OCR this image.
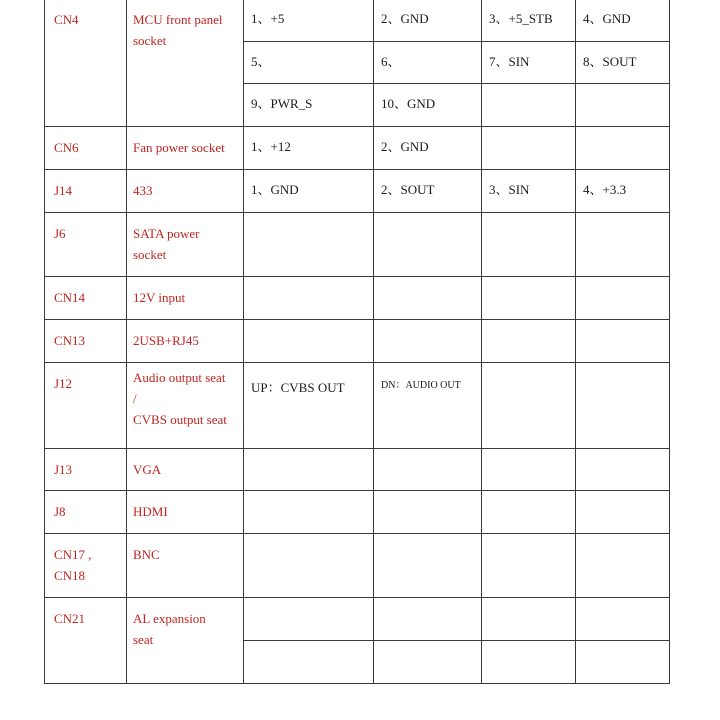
CN4	MCU front panel
socket	1、+5	2、GND	3、+5_STB	4、GND
		5、	6、	7、SIN	8、SOUT
		9、PWR_S	10、GND		
CN6	Fan power socket	1、+12	2、GND		
J14	433	1、GND	2、SOUT	3、SIN	4、+3.3
J6	SATA power
socket				

CN14	12V input				

CN13	2USB+RJ45				

J12	Audio output seat
/
CVBS output seat	UP：CVBS OUT	DN：AUDIO OUT		
J13	VGA				

J8	HDMI				

CN17 ,
CN18	BNC				

CN21	AL expansion
seat				
